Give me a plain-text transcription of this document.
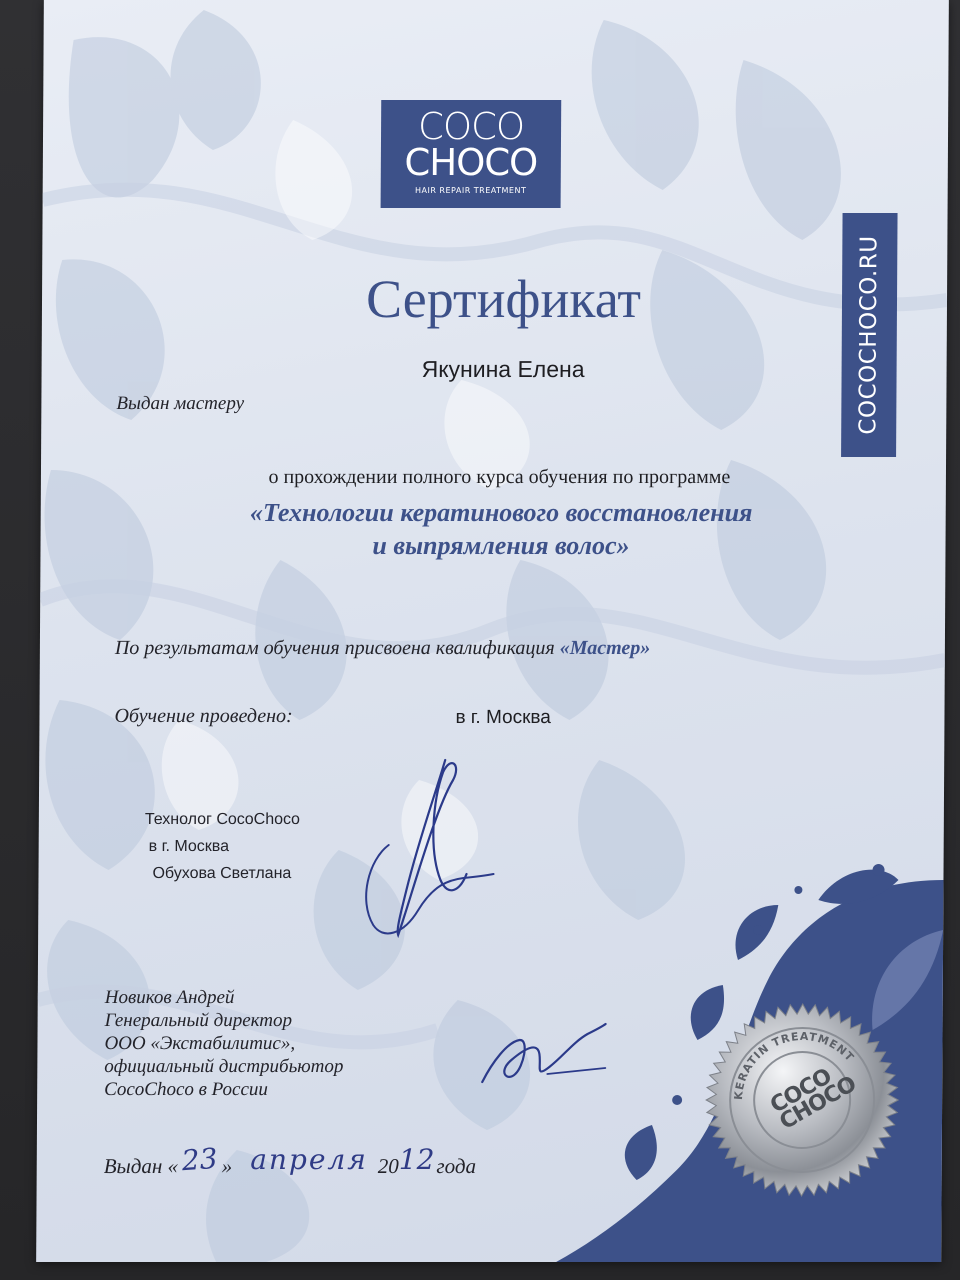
COCO
CHOCO
HAIR REPAIR TREATMENT
COCOCHOCO.RU
Сертификат
Якунина Елена
Выдан мастеру
о прохождении полного курса обучения по программе
«Технологии кератинового восстановления
и выпрямления волос»
По результатам обучения присвоена квалификация «Мастер»
Обучение проведено:	в г. Москва
Технолог CocoChoco
в г. Москва
Обухова Светлана
Новиков Андрей
Генеральный директор
ООО «Экстабилитис»,
официальный дистрибьютор
CocoChoco в России
Выдан « 23 » апреля 2012года
KERATIN TREATMENT
COCO CHOCO
